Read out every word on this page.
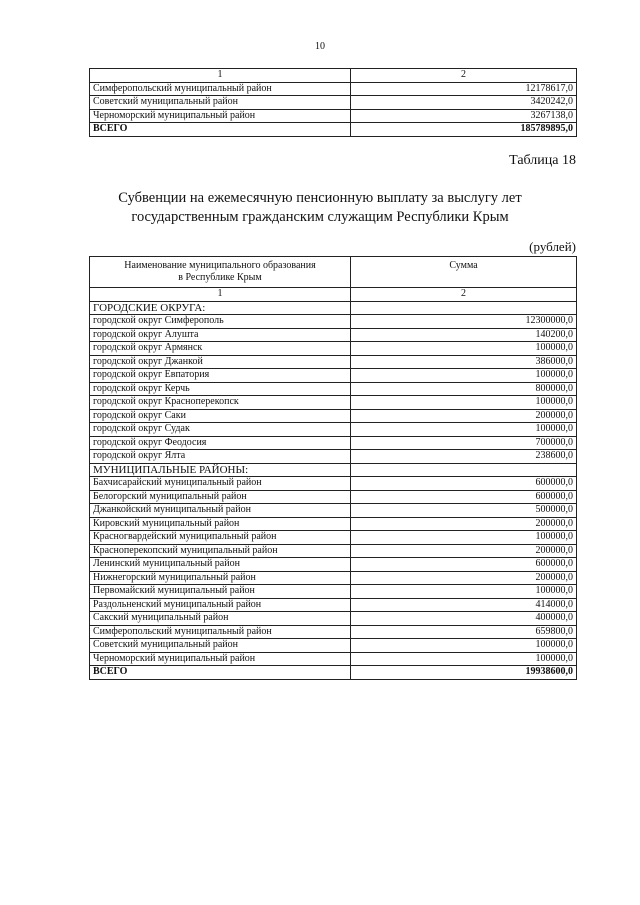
10
1	2
Симферопольский муниципальный район	12178617,0
Советский муниципальный район	3420242,0
Черноморский муниципальный район	3267138,0
ВСЕГО	185789895,0
Таблица 18
Субвенции на ежемесячную пенсионную выплату за выслугу лет
государственным гражданским служащим Республики Крым
(рублей)
Наименование муниципального образования
в Республике Крым	Сумма
1	2
ГОРОДСКИЕ ОКРУГА:	
городской округ Симферополь	12300000,0
городской округ Алушта	140200,0
городской округ Армянск	100000,0
городской округ Джанкой	386000,0
городской округ Евпатория	100000,0
городской округ Керчь	800000,0
городской округ Красноперекопск	100000,0
городской округ Саки	200000,0
городской округ Судак	100000,0
городской округ Феодосия	700000,0
городской округ Ялта	238600,0
МУНИЦИПАЛЬНЫЕ РАЙОНЫ:	
Бахчисарайский муниципальный район	600000,0
Белогорский муниципальный район	600000,0
Джанкойский муниципальный район	500000,0
Кировский муниципальный район	200000,0
Красногвардейский муниципальный район	100000,0
Красноперекопский муниципальный район	200000,0
Ленинский муниципальный район	600000,0
Нижнегорский муниципальный район	200000,0
Первомайский муниципальный район	100000,0
Раздольненский муниципальный район	414000,0
Сакский муниципальный район	400000,0
Симферопольский муниципальный район	659800,0
Советский муниципальный район	100000,0
Черноморский муниципальный район	100000,0
ВСЕГО	19938600,0
